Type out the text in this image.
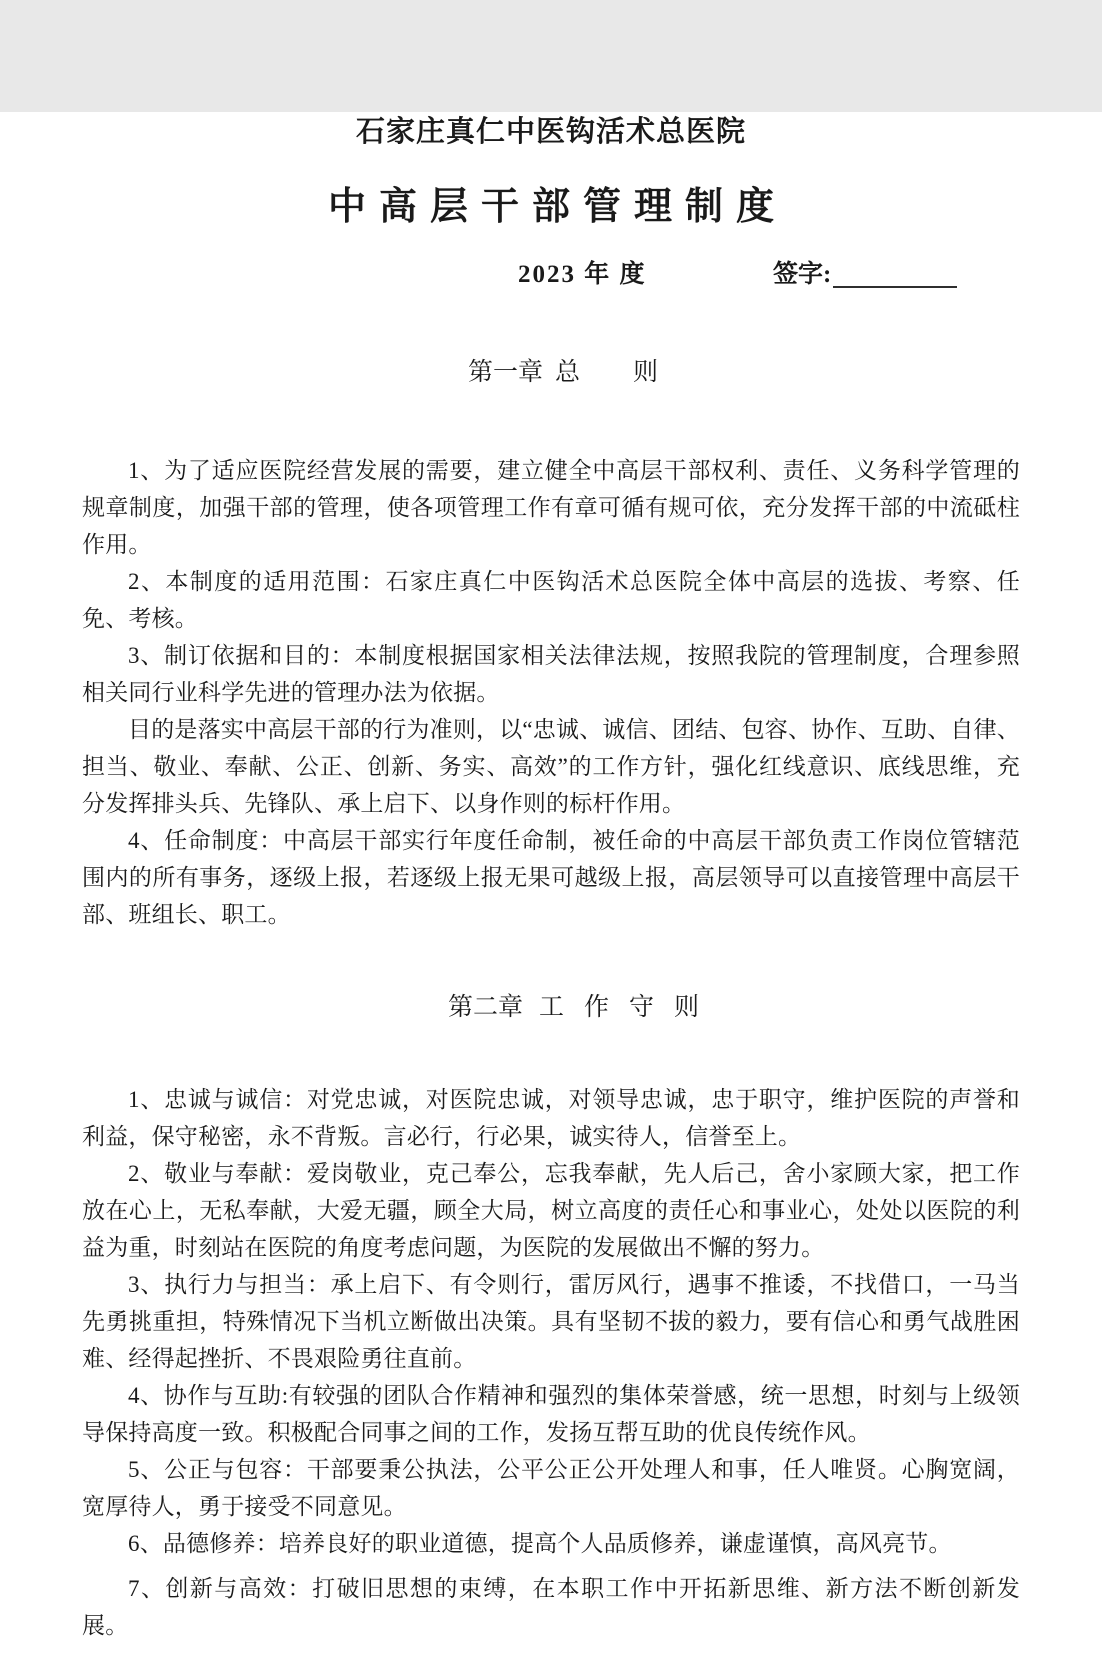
石家庄真仁中医钩活术总医院
中高层干部管理制度
2023 年 度	签字:

第一章 总　　则

1、为了适应医院经营发展的需要，建立健全中高层干部权利、责任、义务科学管理的规章制度，加强干部的管理，使各项管理工作有章可循有规可依，充分发挥干部的中流砥柱作用。

2、本制度的适用范围：石家庄真仁中医钩活术总医院全体中高层的选拔、考察、任免、考核。

3、制订依据和目的：本制度根据国家相关法律法规，按照我院的管理制度，合理参照相关同行业科学先进的管理办法为依据。

目的是落实中高层干部的行为准则，以“忠诚、诚信、团结、包容、协作、互助、自律、担当、敬业、奉献、公正、创新、务实、高效”的工作方针，强化红线意识、底线思维，充分发挥排头兵、先锋队、承上启下、以身作则的标杆作用。

4、任命制度：中高层干部实行年度任命制，被任命的中高层干部负责工作岗位管辖范围内的所有事务，逐级上报，若逐级上报无果可越级上报，高层领导可以直接管理中高层干部、班组长、职工。

第二章 工作守则

1、忠诚与诚信：对党忠诚，对医院忠诚，对领导忠诚，忠于职守，维护医院的声誉和利益，保守秘密，永不背叛。言必行，行必果，诚实待人，信誉至上。

2、敬业与奉献：爱岗敬业，克己奉公，忘我奉献，先人后己，舍小家顾大家，把工作放在心上，无私奉献，大爱无疆，顾全大局，树立高度的责任心和事业心，处处以医院的利益为重，时刻站在医院的角度考虑问题，为医院的发展做出不懈的努力。

3、执行力与担当：承上启下、有令则行，雷厉风行，遇事不推诿，不找借口，一马当先勇挑重担，特殊情况下当机立断做出决策。具有坚韧不拔的毅力，要有信心和勇气战胜困难、经得起挫折、不畏艰险勇往直前。

4、协作与互助:有较强的团队合作精神和强烈的集体荣誉感，统一思想，时刻与上级领导保持高度一致。积极配合同事之间的工作，发扬互帮互助的优良传统作风。

5、公正与包容：干部要秉公执法，公平公正公开处理人和事，任人唯贤。心胸宽阔，宽厚待人，勇于接受不同意见。

6、品德修养：培养良好的职业道德，提高个人品质修养，谦虚谨慎，高风亮节。

7、创新与高效：打破旧思想的束缚，在本职工作中开拓新思维、新方法不断创新发展。
